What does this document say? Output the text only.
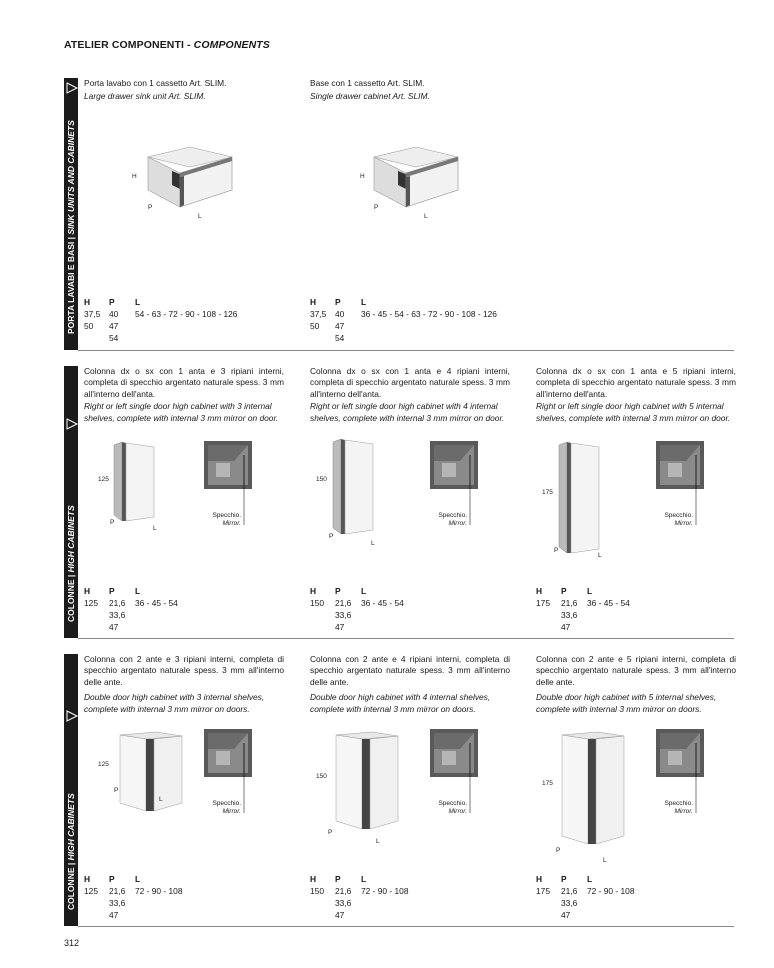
ATELIER COMPONENTI - COMPONENTS
PORTA LAVABI E BASI | SINK UNITS AND CABINETS

Porta lavabo con 1 cassetto Art. SLIM.

Large drawer sink unit Art. SLIM.

H
P
L
H
37,5
50
P
40
47
54
L
54 - 63 - 72 - 90 - 108 - 126

Base con 1 cassetto Art. SLIM.

Single drawer cabinet Art. SLIM.

H
P
L
H
37,5
50
P
40
47
54
L
36 - 45 - 54 - 63 - 72 - 90 - 108 - 126
COLONNE | HIGH CABINETS

Colonna dx o sx con 1 anta e 3 ripiani interni, completa di specchio argentato naturale spess. 3 mm all'interno dell'anta.

Right or left single door high cabinet with 3 internal shelves, complete with internal 3 mm mirror on door.

Colonna dx o sx con 1 anta e 4 ripiani interni, completa di specchio argentato naturale spess. 3 mm all'interno dell'anta.

Right or left single door high cabinet with 4 internal shelves, complete with internal 3 mm mirror on door.

Colonna dx o sx con 1 anta e 5 ripiani interni, completa di specchio argentato naturale spess. 3 mm all'interno dell'anta.

Right or left single door high cabinet with 5 internal shelves, complete with internal 3 mm mirror on door.

125
P
L
150
P
L
175
P
L
Specchio.
Mirror.
Specchio.
Mirror.
Specchio.
Mirror.
H
125
P
21,6
33,6
47
L
36 - 45 - 54
H
150
P
21,6
33,6
47
L
36 - 45 - 54
H
175
P
21,6
33,6
47
L
36 - 45 - 54
COLONNE | HIGH CABINETS

Colonna con 2 ante e 3 ripiani interni, completa di specchio argentato naturale spess. 3 mm all'interno delle ante.

Double door high cabinet with 3 internal shelves, complete with internal 3 mm mirror on doors.

Colonna con 2 ante e 4 ripiani interni, completa di specchio argentato naturale spess. 3 mm all'interno delle ante.

Double door high cabinet with 4 internal shelves, complete with internal 3 mm mirror on doors.

Colonna con 2 ante e 5 ripiani interni, completa di specchio argentato naturale spess. 3 mm all'interno delle ante.

Double door high cabinet with 5 internal shelves, complete with internal 3 mm mirror on doors.

125
P
L
150
P
L
175
P
L
Specchio.
Mirror.
Specchio.
Mirror.
Specchio.
Mirror.
H
125
P
21,6
33,6
47
L
72 - 90 - 108
H
150
P
21,6
33,6
47
L
72 - 90 - 108
H
175
P
21,6
33,6
47
L
72 - 90 - 108
312
